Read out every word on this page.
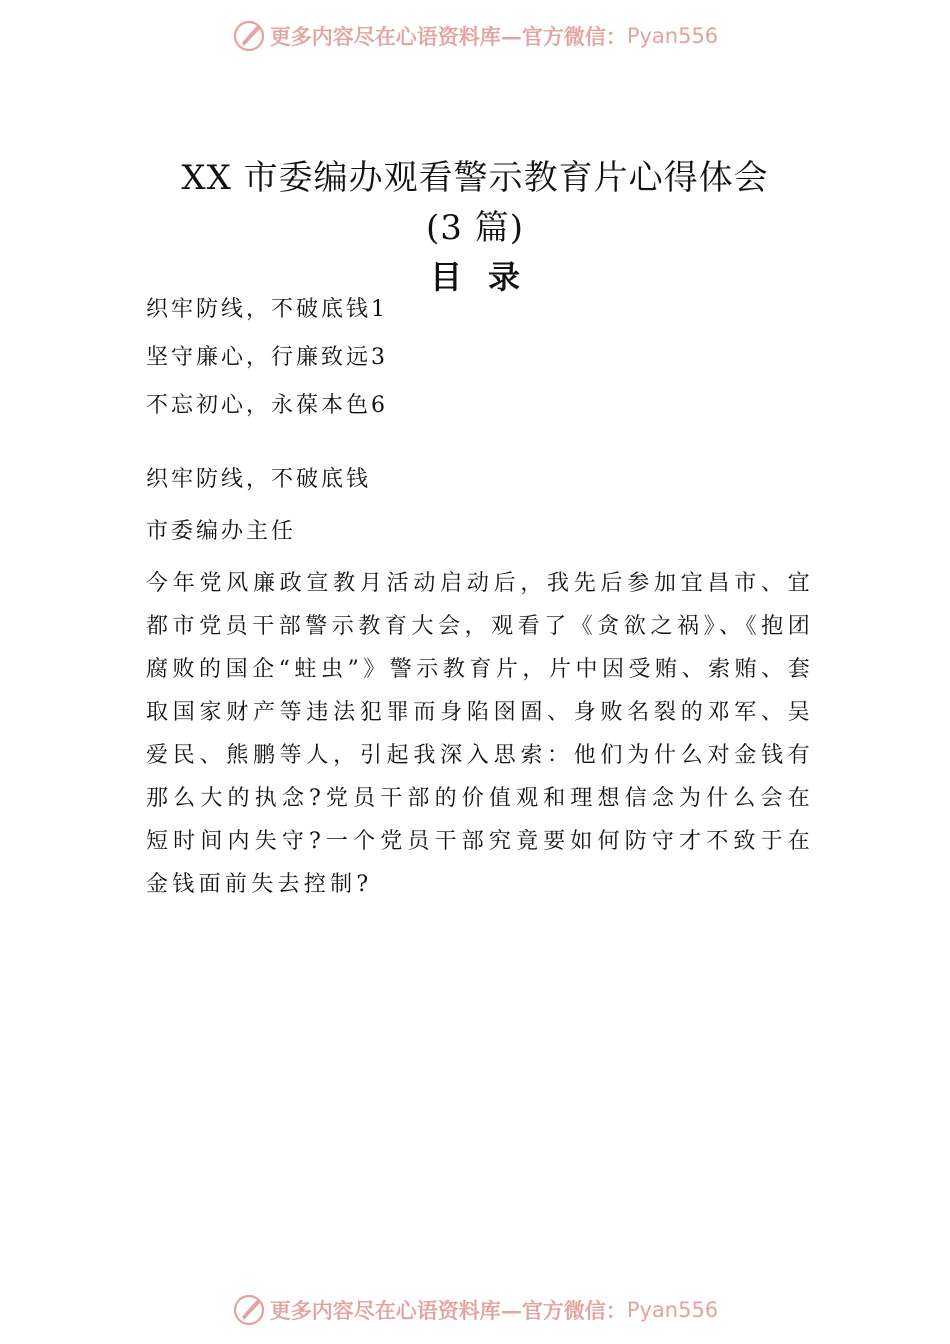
更多内容尽在心语资料库 — 官方微信： Pyan556
XX 市委编办观看警示教育片心得体会
(3 篇)
目录
织牢防线，不破底钱1
坚守廉心，行廉致远3
不忘初心，永葆本色6
织牢防线，不破底钱

市委编办主任

今年党风廉政宣教月活动启动后，我先后参加宜昌市、宜都市党员干部警示教育大会，观看了《贪欲之祸》、《抱团腐败的国企“蛀虫”》警示教育片，片中因受贿、索贿、套取国家财产等违法犯罪而身陷囹圄、身败名裂的邓军、吴爱民、熊鹏等人，引起我深入思索：他们为什么对金钱有那么大的执念?党员干部的价值观和理想信念为什么会在短时间内失守?一个党员干部究竟要如何防守才不致于在金钱面前失去控制?

更多内容尽在心语资料库 — 官方微信： Pyan556
